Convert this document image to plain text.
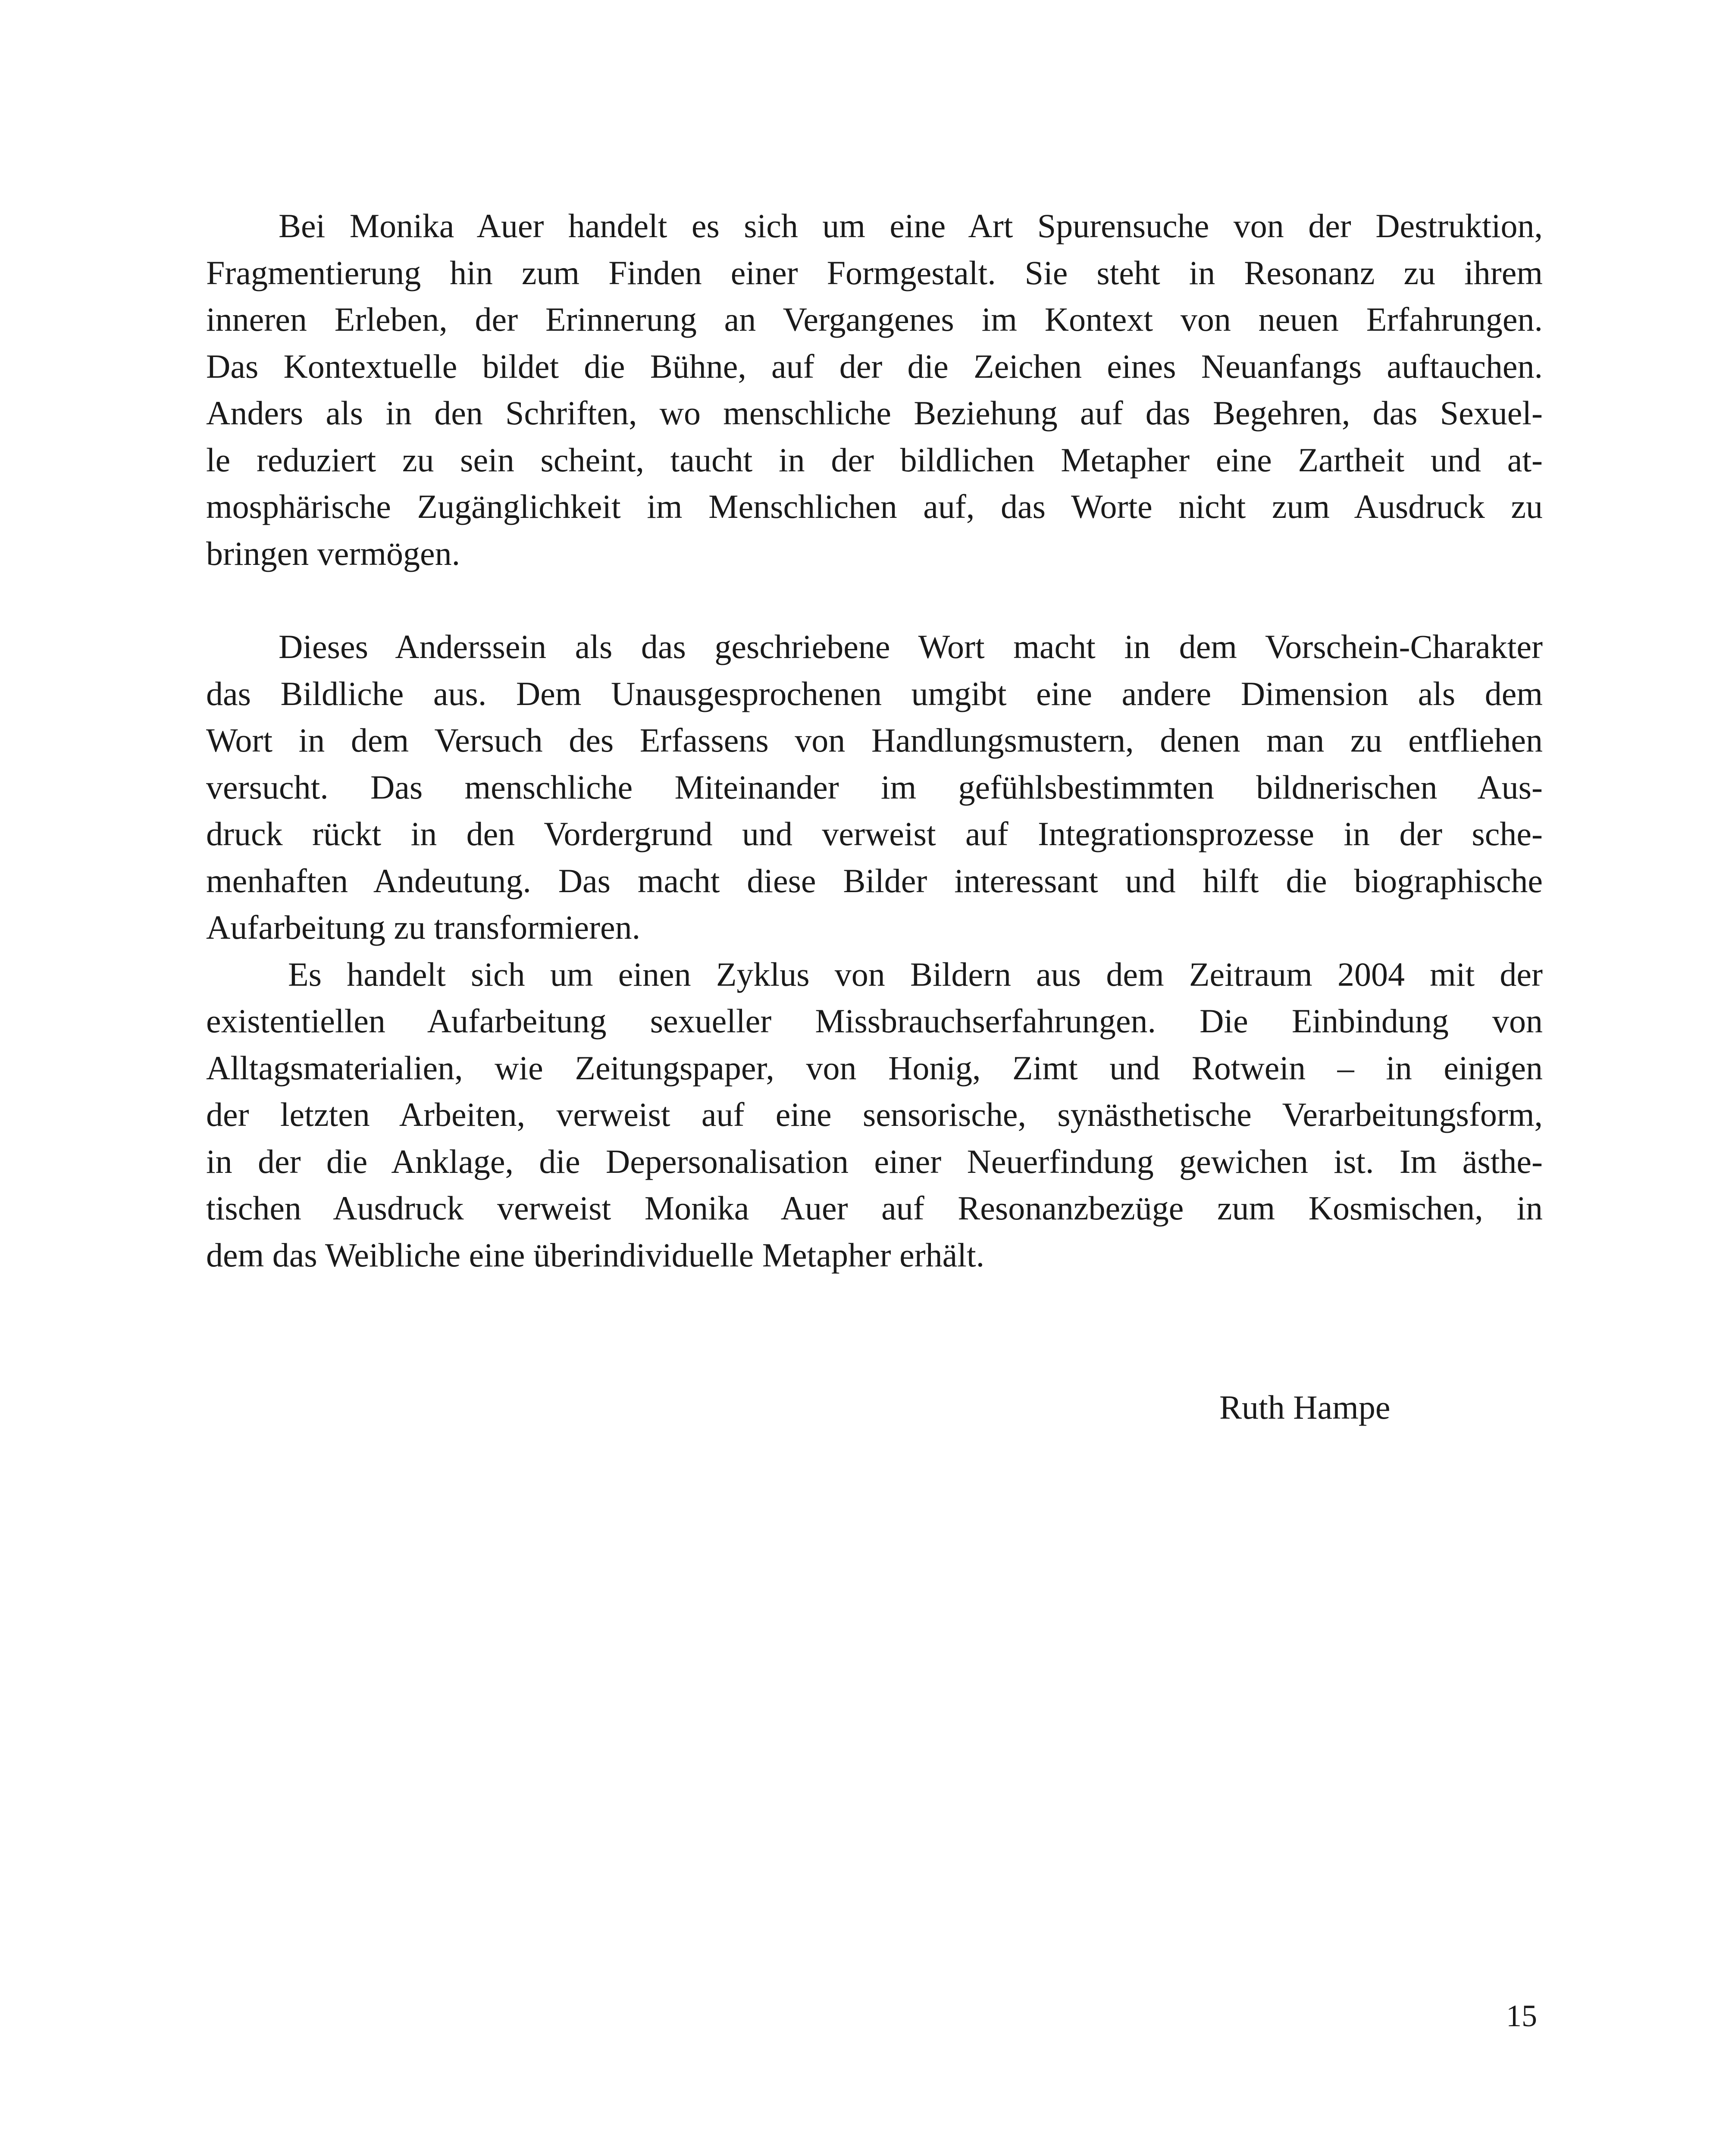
Bei Monika Auer handelt es sich um eine Art Spurensuche von der Destruktion,
Fragmentierung hin zum Finden einer Formgestalt. Sie steht in Resonanz zu ihrem
inneren Erleben, der Erinnerung an Vergangenes im Kontext von neuen Erfahrungen.
Das Kontextuelle bildet die Bühne, auf der die Zeichen eines Neuanfangs auftauchen.
Anders als in den Schriften, wo menschliche Beziehung auf das Begehren, das Sexuel-
le reduziert zu sein scheint, taucht in der bildlichen Metapher eine Zartheit und at-
mosphärische Zugänglichkeit im Menschlichen auf, das Worte nicht zum Ausdruck zu
bringen vermögen.
Dieses Anderssein als das geschriebene Wort macht in dem Vorschein-Charakter
das Bildliche aus. Dem Unausgesprochenen umgibt eine andere Dimension als dem
Wort in dem Versuch des Erfassens von Handlungsmustern, denen man zu entfliehen
versucht. Das menschliche Miteinander im gefühlsbestimmten bildnerischen Aus-
druck rückt in den Vordergrund und verweist auf Integrationsprozesse in der sche-
menhaften Andeutung. Das macht diese Bilder interessant und hilft die biographische
Aufarbeitung zu transformieren.
Es handelt sich um einen Zyklus von Bildern aus dem Zeitraum 2004 mit der
existentiellen Aufarbeitung sexueller Missbrauchserfahrungen. Die Einbindung von
Alltagsmaterialien, wie Zeitungspaper, von Honig, Zimt und Rotwein – in einigen
der letzten Arbeiten, verweist auf eine sensorische, synästhetische Verarbeitungsform,
in der die Anklage, die Depersonalisation einer Neuerfindung gewichen ist. Im ästhe-
tischen Ausdruck verweist Monika Auer auf Resonanzbezüge zum Kosmischen, in
dem das Weibliche eine überindividuelle Metapher erhält.
Ruth Hampe
15
